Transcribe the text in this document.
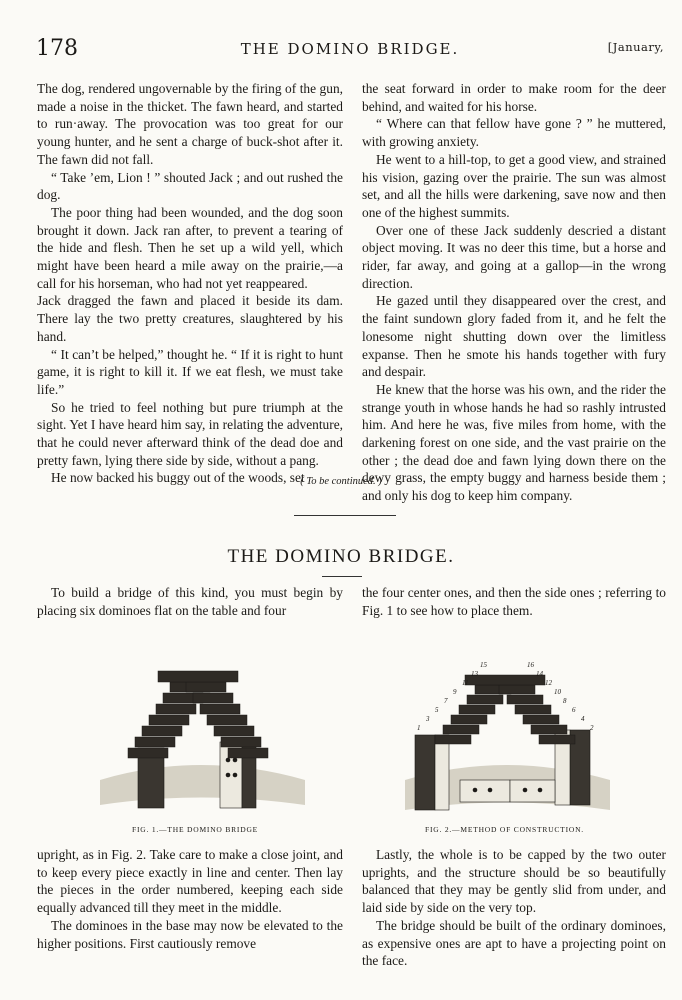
178	THE DOMINO BRIDGE.	[January,

The dog, rendered ungovernable by the firing of the gun, made a noise in the thicket. The fawn heard, and started to run·away. The provocation was too great for our young hunter, and he sent a charge of buck-shot after it. The fawn did not fall.

“ Take ’em, Lion ! ” shouted Jack ; and out rushed the dog.

The poor thing had been wounded, and the dog soon brought it down. Jack ran after, to prevent a tearing of the hide and flesh. Then he set up a wild yell, which might have been heard a mile away on the prairie,—a call for his horseman, who had not yet reappeared.

Jack dragged the fawn and placed it beside its dam. There lay the two pretty creatures, slaughtered by his hand.

“ It can’t be helped,” thought he. “ If it is right to hunt game, it is right to kill it. If we eat flesh, we must take life.”

So he tried to feel nothing but pure triumph at the sight. Yet I have heard him say, in relating the adventure, that he could never afterward think of the dead doe and pretty fawn, lying there side by side, without a pang.

He now backed his buggy out of the woods, set

the seat forward in order to make room for the deer behind, and waited for his horse.

“ Where can that fellow have gone ? ” he muttered, with growing anxiety.

He went to a hill-top, to get a good view, and strained his vision, gazing over the prairie. The sun was almost set, and all the hills were darkening, save now and then one of the highest summits.

Over one of these Jack suddenly descried a distant object moving. It was no deer this time, but a horse and rider, far away, and going at a gallop—in the wrong direction.

He gazed until they disappeared over the crest, and the faint sundown glory faded from it, and he felt the lonesome night shutting down over the limitless expanse. Then he smote his hands together with fury and despair.

He knew that the horse was his own, and the rider the strange youth in whose hands he had so rashly intrusted him. And here he was, five miles from home, with the darkening forest on one side, and the vast prairie on the other ; the dead doe and fawn lying down there on the dewy grass, the empty buggy and harness beside them ; and only his dog to keep him company.

( To be continued. )
THE DOMINO BRIDGE.

To build a bridge of this kind, you must begin by placing six dominoes flat on the table and four

the four center ones, and then the side ones ; referring to Fig. 1 to see how to place them.

1	2
3	4
5	6
7	8
9	10
11	12
13	14
15	16
FIG. 1.—THE DOMINO BRIDGE	FIG. 2.—METHOD OF CONSTRUCTION.

upright, as in Fig. 2. Take care to make a close joint, and to keep every piece exactly in line and center. Then lay the pieces in the order numbered, keeping each side equally advanced till they meet in the middle.

The dominoes in the base may now be elevated to the higher positions. First cautiously remove

Lastly, the whole is to be capped by the two outer uprights, and the structure should be so beautifully balanced that they may be gently slid from under, and laid side by side on the very top.

The bridge should be built of the ordinary dominoes, as expensive ones are apt to have a projecting point on the face.
